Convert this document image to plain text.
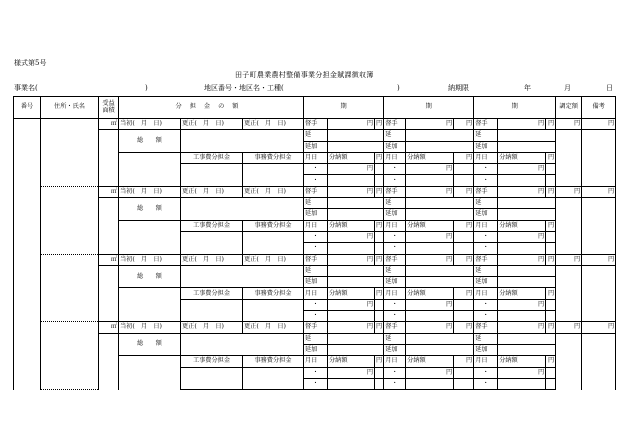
様式第5号
田子町農業農村整備事業分担金賦課徴収簿
事業名(	)	地区番号・地区名・工種(	)	納期限	年	月	日
番号	住所・氏名	受益面積	分担金の額			期			期			期			調定額	備考
		㎡	当初(　月　日)	更正(　月　日)	更正(　月　日)	督手	円	円	督手	円	円	督手	円	円	円	円
			総　　額			延			延			延				
						延加			延加			延加				
				工事費分担金	事務費分担金	月日	分納額	円	月日	分納額	円	月日	分納額	円		
						・	円		・	円		・	円			
						・			・			・				
		㎡	当初(　月　日)	更正(　月　日)	更正(　月　日)	督手	円	円	督手	円	円	督手	円	円	円	円
			総　　額			延			延			延				
						延加			延加			延加				
				工事費分担金	事務費分担金	月日	分納額	円	月日	分納額	円	月日	分納額	円		
						・	円		・	円		・	円			
						・			・			・				
		㎡	当初(　月　日)	更正(　月　日)	更正(　月　日)	督手	円	円	督手	円	円	督手	円	円	円	円
			総　　額			延			延			延				
						延加			延加			延加				
				工事費分担金	事務費分担金	月日	分納額	円	月日	分納額	円	月日	分納額	円		
						・	円		・	円		・	円			
						・			・			・				
		㎡	当初(　月　日)	更正(　月　日)	更正(　月　日)	督手	円	円	督手	円	円	督手	円	円	円	円
			総　　額			延			延			延				
						延加			延加			延加				
				工事費分担金	事務費分担金	月日	分納額	円	月日	分納額	円	月日	分納額	円		
						・	円		・	円		・	円			
						・			・			・				
